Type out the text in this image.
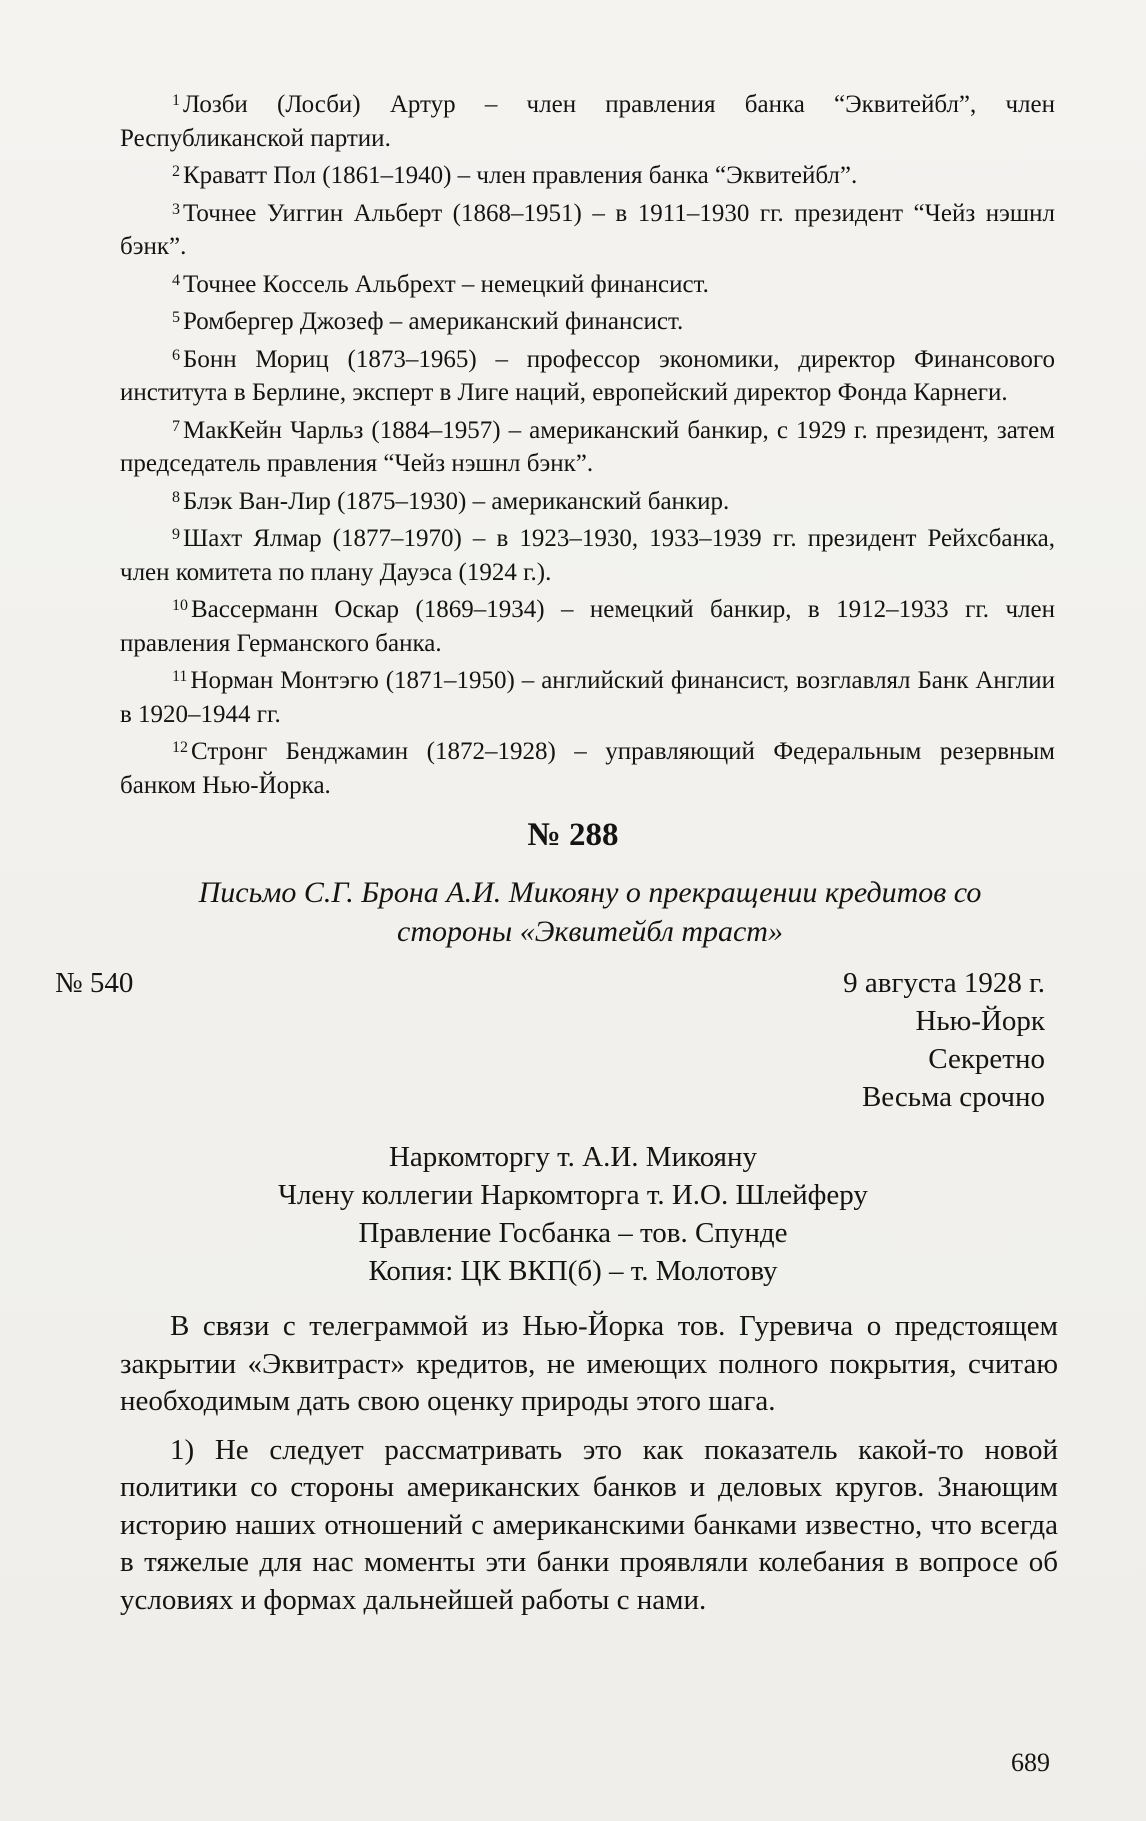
$^1$ Лозби (Лосби) Артур – член правления банка “Эквитейбл”, член Республиканской партии.

$^2$ Краватт Пол (1861–1940) – член правления банка “Эквитейбл”.

$^3$ Точнее Уиггин Альберт (1868–1951) – в 1911–1930 гг. президент “Чейз нэшнл бэнк”.

$^4$ Точнее Коссель Альбрехт – немецкий финансист.

$^5$ Ромбергер Джозеф – американский финансист.

$^6$ Бонн Мориц (1873–1965) – профессор экономики, директор Финансового института в Берлине, эксперт в Лиге наций, европейский директор Фонда Карнеги.

$^7$ МакКейн Чарльз (1884–1957) – американский банкир, с 1929 г. президент, затем председатель правления “Чейз нэшнл бэнк”.

$^8$ Блэк Ван-Лир (1875–1930) – американский банкир.

$^9$ Шахт Ялмар (1877–1970) – в 1923–1930, 1933–1939 гг. президент Рейхсбанка, член комитета по плану Дауэса (1924 г.).

$^{10}$ Вассерманн Оскар (1869–1934) – немецкий банкир, в 1912–1933 гг. член правления Германского банка.

$^{11}$ Норман Монтэгю (1871–1950) – английский финансист, возглавлял Банк Англии в 1920–1944 гг.

$^{12}$ Стронг Бенджамин (1872–1928) – управляющий Федеральным резервным банком Нью-Йорка.

№ 288
Письмо С.Г. Брона А.И. Микояну о прекращении кредитов со стороны «Эквитейбл траст»
№ 540	9 августа 1928 г.
Нью-Йорк
Секретно
Весьма срочно
Наркомторгу т. А.И. Микояну
Члену коллегии Наркомторга т. И.О. Шлейферу
Правление Госбанка – тов. Спунде
Копия: ЦК ВКП(б) – т. Молотову

В связи с телеграммой из Нью-Йорка тов. Гуревича о предстоящем закрытии «Эквитраст» кредитов, не имеющих полного покрытия, считаю необходимым дать свою оценку природы этого шага.

1) Не следует рассматривать это как показатель какой-то новой политики со стороны американских банков и деловых кругов. Знающим историю наших отношений с американскими банками известно, что всегда в тяжелые для нас моменты эти банки проявляли колебания в вопросе об условиях и формах дальнейшей работы с нами.

689
